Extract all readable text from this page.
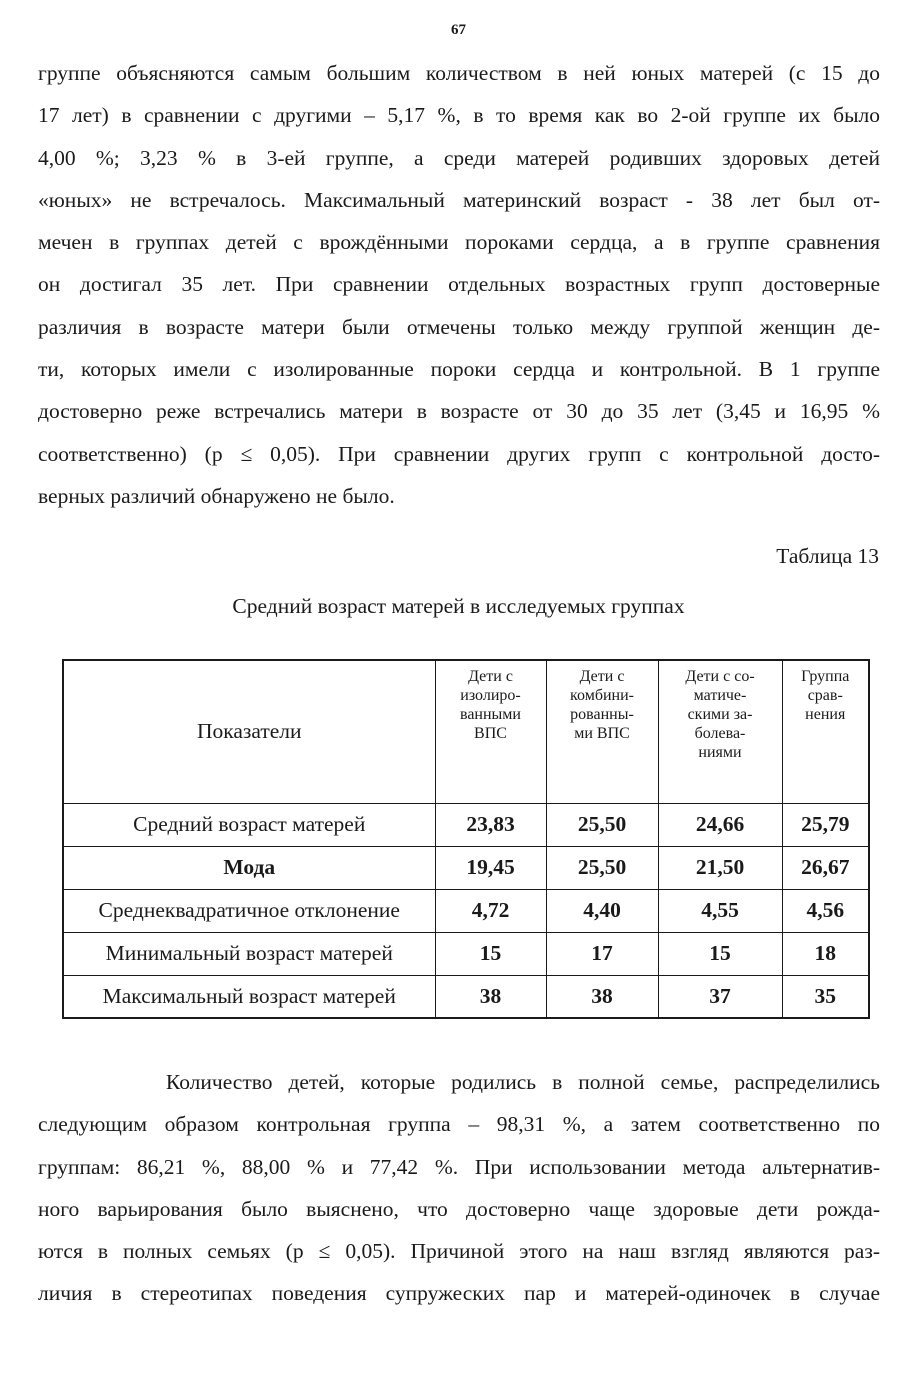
67

группе объясняются самым большим количеством в ней юных матерей (с 15 до
17 лет) в сравнении с другими – 5,17 %, в то время как во 2-ой группе их было
4,00 %; 3,23 % в 3-ей группе, а среди матерей родивших здоровых детей
«юных» не встречалось. Максимальный материнский возраст - 38 лет был от-
мечен в группах детей с врождёнными пороками сердца, а в группе сравнения
он достигал 35 лет. При сравнении отдельных возрастных групп достоверные
различия в возрасте матери были отмечены только между группой женщин де-
ти, которых имели с изолированные пороки сердца и контрольной. В 1 группе
достоверно реже встречались матери в возрасте от 30 до 35 лет (3,45 и 16,95 %
соответственно) (p ≤ 0,05). При сравнении других групп с контрольной досто-
верных различий обнаружено не было.

Таблица 13
Средний возраст матерей в исследуемых группах
Показатели	Дети с
изолиро-
ванными
ВПС	Дети с
комбини-
рованны-
ми ВПС	Дети с со-
матиче-
скими за-
болева-
ниями	Группа
срав-
нения
Средний возраст матерей	23,83	25,50	24,66	25,79
Мода	19,45	25,50	21,50	26,67
Среднеквадратичное отклонение	4,72	4,40	4,55	4,56
Минимальный возраст матерей	15	17	15	18
Максимальный возраст матерей	38	38	37	35

Количество детей, которые родились в полной семье, распределились
следующим образом контрольная группа – 98,31 %, а затем соответственно по
группам: 86,21 %, 88,00 % и 77,42 %. При использовании метода альтернатив-
ного варьирования было выяснено, что достоверно чаще здоровые дети рожда-
ются в полных семьях (p ≤ 0,05). Причиной этого на наш взгляд являются раз-
личия в стереотипах поведения супружеских пар и матерей-одиночек в случае
